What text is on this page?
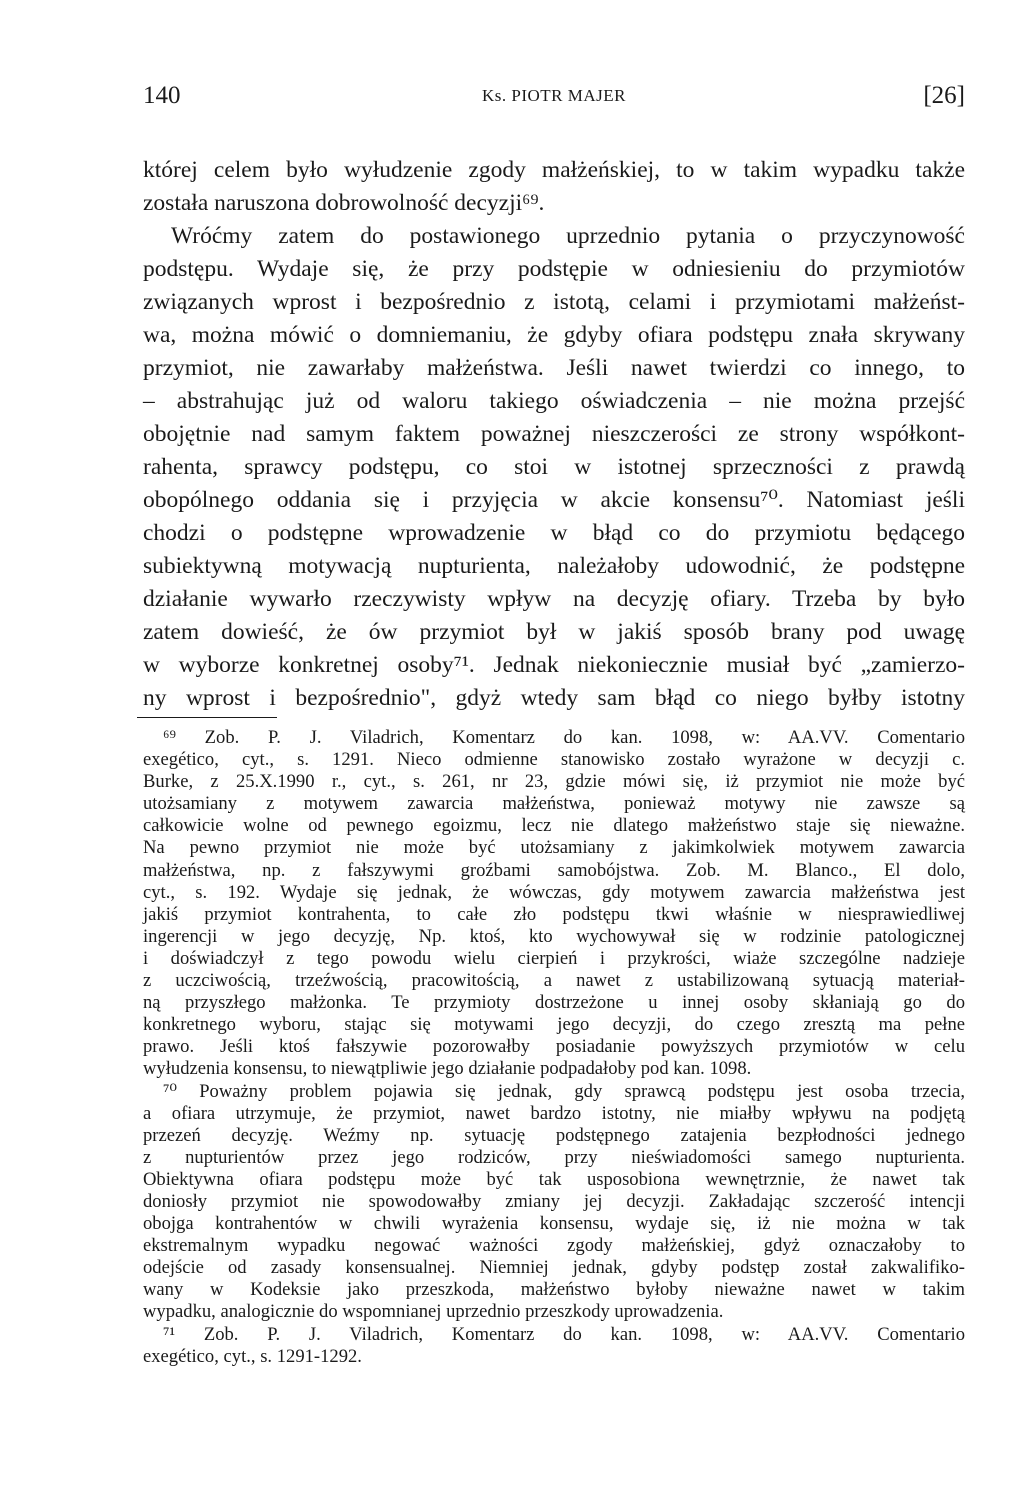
140	Ks. PIOTR MAJER	[26]
której celem było wyłudzenie zgody małżeńskiej, to w takim wypadku także
została naruszona dobrowolność decyzji⁶⁹.
Wróćmy zatem do postawionego uprzednio pytania o przyczynowość
podstępu. Wydaje się, że przy podstępie w odniesieniu do przymiotów
związanych wprost i bezpośrednio z istotą, celami i przymiotami małżeńst-
wa, można mówić o domniemaniu, że gdyby ofiara podstępu znała skrywany
przymiot, nie zawarłaby małżeństwa. Jeśli nawet twierdzi co innego, to
– abstrahując już od waloru takiego oświadczenia – nie można przejść
obojętnie nad samym faktem poważnej nieszczerości ze strony współkont-
rahenta, sprawcy podstępu, co stoi w istotnej sprzeczności z prawdą
obopólnego oddania się i przyjęcia w akcie konsensu⁷⁰. Natomiast jeśli
chodzi o podstępne wprowadzenie w błąd co do przymiotu będącego
subiektywną motywacją nupturienta, należałoby udowodnić, że podstępne
działanie wywarło rzeczywisty wpływ na decyzję ofiary. Trzeba by było
zatem dowieść, że ów przymiot był w jakiś sposób brany pod uwagę
w wyborze konkretnej osoby⁷¹. Jednak niekoniecznie musiał być „zamierzo-
ny wprost i bezpośrednio", gdyż wtedy sam błąd co niego byłby istotny
⁶⁹ Zob. P. J. Viladrich, Komentarz do kan. 1098, w: AA.VV. Comentario
exegético, cyt., s. 1291. Nieco odmienne stanowisko zostało wyrażone w decyzji c.
Burke, z 25.X.1990 r., cyt., s. 261, nr 23, gdzie mówi się, iż przymiot nie może być
utożsamiany z motywem zawarcia małżeństwa, ponieważ motywy nie zawsze są
całkowicie wolne od pewnego egoizmu, lecz nie dlatego małżeństwo staje się nieważne.
Na pewno przymiot nie może być utożsamiany z jakimkolwiek motywem zawarcia
małżeństwa, np. z fałszywymi groźbami samobójstwa. Zob. M. Blanco., El dolo,
cyt., s. 192. Wydaje się jednak, że wówczas, gdy motywem zawarcia małżeństwa jest
jakiś przymiot kontrahenta, to całe zło podstępu tkwi właśnie w niesprawiedliwej
ingerencji w jego decyzję, Np. ktoś, kto wychowywał się w rodzinie patologicznej
i doświadczył z tego powodu wielu cierpień i przykrości, wiaże szczególne nadzieje
z uczciwością, trzeźwością, pracowitością, a nawet z ustabilizowaną sytuacją materiał-
ną przyszłego małżonka. Te przymioty dostrzeżone u innej osoby skłaniają go do
konkretnego wyboru, stając się motywami jego decyzji, do czego zresztą ma pełne
prawo. Jeśli ktoś fałszywie pozorowałby posiadanie powyższych przymiotów w celu
wyłudzenia konsensu, to niewątpliwie jego działanie podpadałoby pod kan. 1098.
⁷⁰ Poważny problem pojawia się jednak, gdy sprawcą podstępu jest osoba trzecia,
a ofiara utrzymuje, że przymiot, nawet bardzo istotny, nie miałby wpływu na podjętą
przezeń decyzję. Weźmy np. sytuację podstępnego zatajenia bezpłodności jednego
z nupturientów przez jego rodziców, przy nieświadomości samego nupturienta.
Obiektywna ofiara podstępu może być tak usposobiona wewnętrznie, że nawet tak
doniosły przymiot nie spowodowałby zmiany jej decyzji. Zakładając szczerość intencji
obojga kontrahentów w chwili wyrażenia konsensu, wydaje się, iż nie można w tak
ekstremalnym wypadku negować ważności zgody małżeńskiej, gdyż oznaczałoby to
odejście od zasady konsensualnej. Niemniej jednak, gdyby podstęp został zakwalifiko-
wany w Kodeksie jako przeszkoda, małżeństwo byłoby nieważne nawet w takim
wypadku, analogicznie do wspomnianej uprzednio przeszkody uprowadzenia.
⁷¹ Zob. P. J. Viladrich, Komentarz do kan. 1098, w: AA.VV. Comentario
exegético, cyt., s. 1291-1292.
